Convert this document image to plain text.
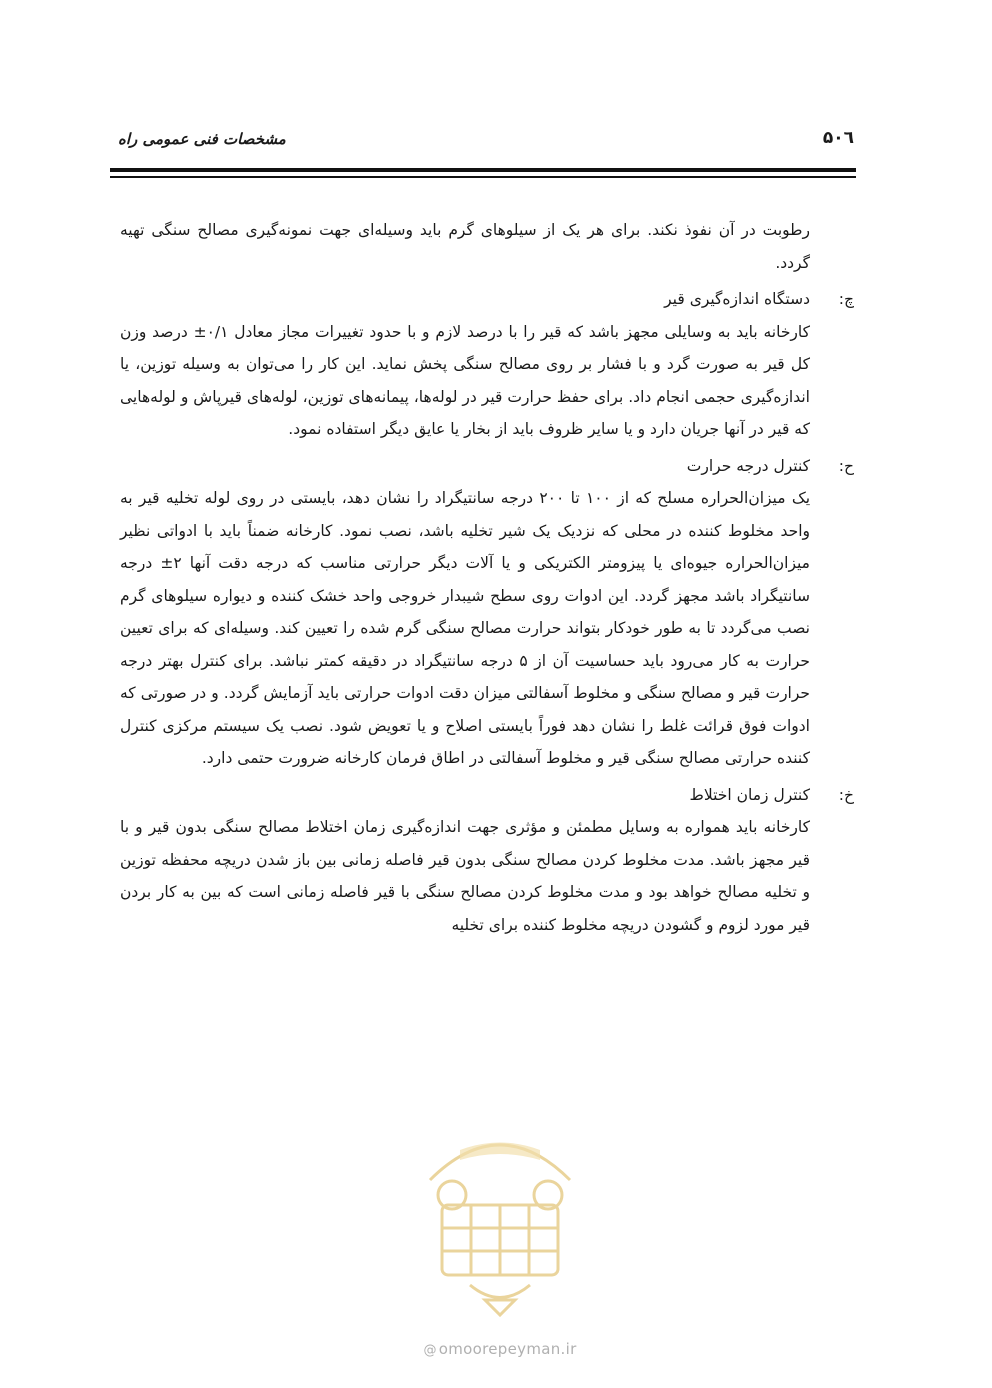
۵۰٦
مشخصات فنی عمومی راه

رطوبت در آن نفوذ نکند. برای هر یک از سیلوهای گرم باید وسیله‌ای جهت نمونه‌گیری مصالح سنگی تهیه گردد.

چ:
دستگاه اندازه‌گیری قیر

کارخانه باید به وسایلی مجهز باشد که قیر را با درصد لازم و با حدود تغییرات مجاز معادل ۰/۱± درصد وزن کل قیر به صورت گرد و با فشار بر روی مصالح سنگی پخش نماید. این کار را می‌توان به وسیله توزین، یا اندازه‌گیری حجمی انجام داد. برای حفظ حرارت قیر در لوله‌ها، پیمانه‌های توزین، لوله‌های قیرپاش و لوله‌هایی که قیر در آنها جریان دارد و یا سایر ظروف باید از بخار یا عایق دیگر استفاده نمود.

ح:
کنترل درجه حرارت

یک میزان‌الحراره مسلح که از ۱۰۰ تا ۲۰۰ درجه سانتیگراد را نشان دهد، بایستی در روی لوله تخلیه قیر به واحد مخلوط کننده در محلی که نزدیک یک شیر تخلیه باشد، نصب نمود. کارخانه ضمناً باید با ادواتی نظیر میزان‌الحراره جیوه‌ای یا پیزومتر الکتریکی و یا آلات دیگر حرارتی مناسب که درجه دقت آنها ۲± درجه سانتیگراد باشد مجهز گردد. این ادوات روی سطح شیبدار خروجی واحد خشک کننده و دیواره سیلوهای گرم نصب می‌گردد تا به طور خودکار بتواند حرارت مصالح سنگی گرم شده را تعیین کند. وسیله‌ای که برای تعیین حرارت به کار می‌رود باید حساسیت آن از ۵ درجه سانتیگراد در دقیقه کمتر نباشد. برای کنترل بهتر درجه حرارت قیر و مصالح سنگی و مخلوط آسفالتی میزان دقت ادوات حرارتی باید آزمایش گردد. و در صورتی که ادوات فوق قرائت غلط را نشان دهد فوراً بایستی اصلاح و یا تعویض شود. نصب یک سیستم مرکزی کنترل کننده حرارتی مصالح سنگی قیر و مخلوط آسفالتی در اطاق فرمان کارخانه ضرورت حتمی دارد.

خ:
کنترل زمان اختلاط

کارخانه باید همواره به وسایل مطمئن و مؤثری جهت اندازه‌گیری زمان اختلاط مصالح سنگی بدون قیر و با قیر مجهز باشد. مدت مخلوط کردن مصالح سنگی بدون قیر فاصله زمانی بین باز شدن دریچه محفظه توزین و تخلیه مصالح خواهد بود و مدت مخلوط کردن مصالح سنگی با قیر فاصله زمانی است که بین به کار بردن قیر مورد لزوم و گشودن دریچه مخلوط کننده برای تخلیه

@ omoorepeyman.ir
